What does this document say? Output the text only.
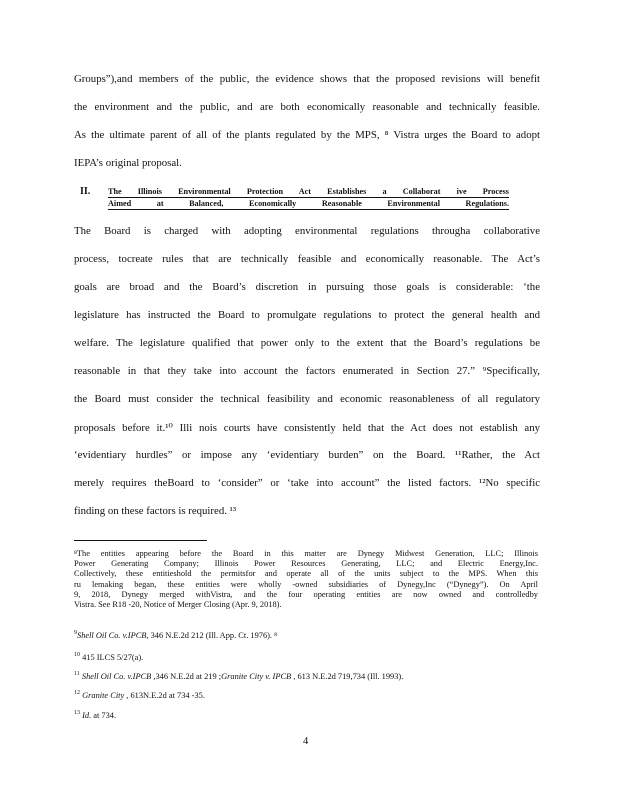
Groups”),and members of the public, the evidence shows that the proposed revisions will benefit

the environment and the public, and are both economically reasonable and technically feasible.

As the ultimate parent of all of the plants regulated by the MPS, ⁸ Vistra urges the Board to adopt

IEPA’s original proposal.

II. The Illinois Environmental Protection Act Establishes a Collaborat ive Process

Aimed at Balanced, Economically Reasonable Environmental Regulations.

The Board is charged with adopting environmental regulations througha collaborative

process, tocreate rules that are technically feasible and economically reasonable. The Act’s

goals are broad and the Board’s discretion in pursuing those goals is considerable: ‘the

legislature has instructed the Board to promulgate regulations to protect the general health and

welfare. The legislature qualified that power only to the extent that the Board’s regulations be

reasonable in that they take into account the factors enumerated in Section 27.” ⁹Specifically,

the Board must consider the technical feasibility and economic reasonableness of all regulatory

proposals before it.¹⁰ Illi nois courts have consistently held that the Act does not establish any

‘evidentiary hurdles” or impose any ‘evidentiary burden” on the Board. ¹¹Rather, the Act

merely requires theBoard to ‘consider” or ‘take into account” the listed factors. ¹²No specific

finding on these factors is required. ¹³

⁸The entities appearing before the Board in this matter are Dynegy Midwest Generation, LLC; Illinois
Power Generating Company; Illinois Power Resources Generating, LLC; and Electric Energy,Inc.
Collectively, these entitieshold the permitsfor and operate all of the units subject to the MPS. When this
ru lemaking began, these entities were wholly -owned subsidiaries of Dynegy,Inc (“Dynegy”). On April
9, 2018, Dynegy merged withVistra, and the four operating entities are now owned and controlledby
Vistra. See R18 -20, Notice of Merger Closing (Apr. 9, 2018).

$^9$Shell Oil Co. v.IPCB, 346 N.E.2d 212 (Ill. App. Ct. 1976). ⁸

$^{10}$ 415 ILCS 5/27(a).

$^{11}$ Shell Oil Co. v.IPCB ,346 N.E.2d at 219 ;Granite City v. IPCB , 613 N.E.2d 719,734 (Ill. 1993).

$^{12}$ Granite City , 613N.E.2d at 734 -35.

$^{13}$ Id. at 734.

4
